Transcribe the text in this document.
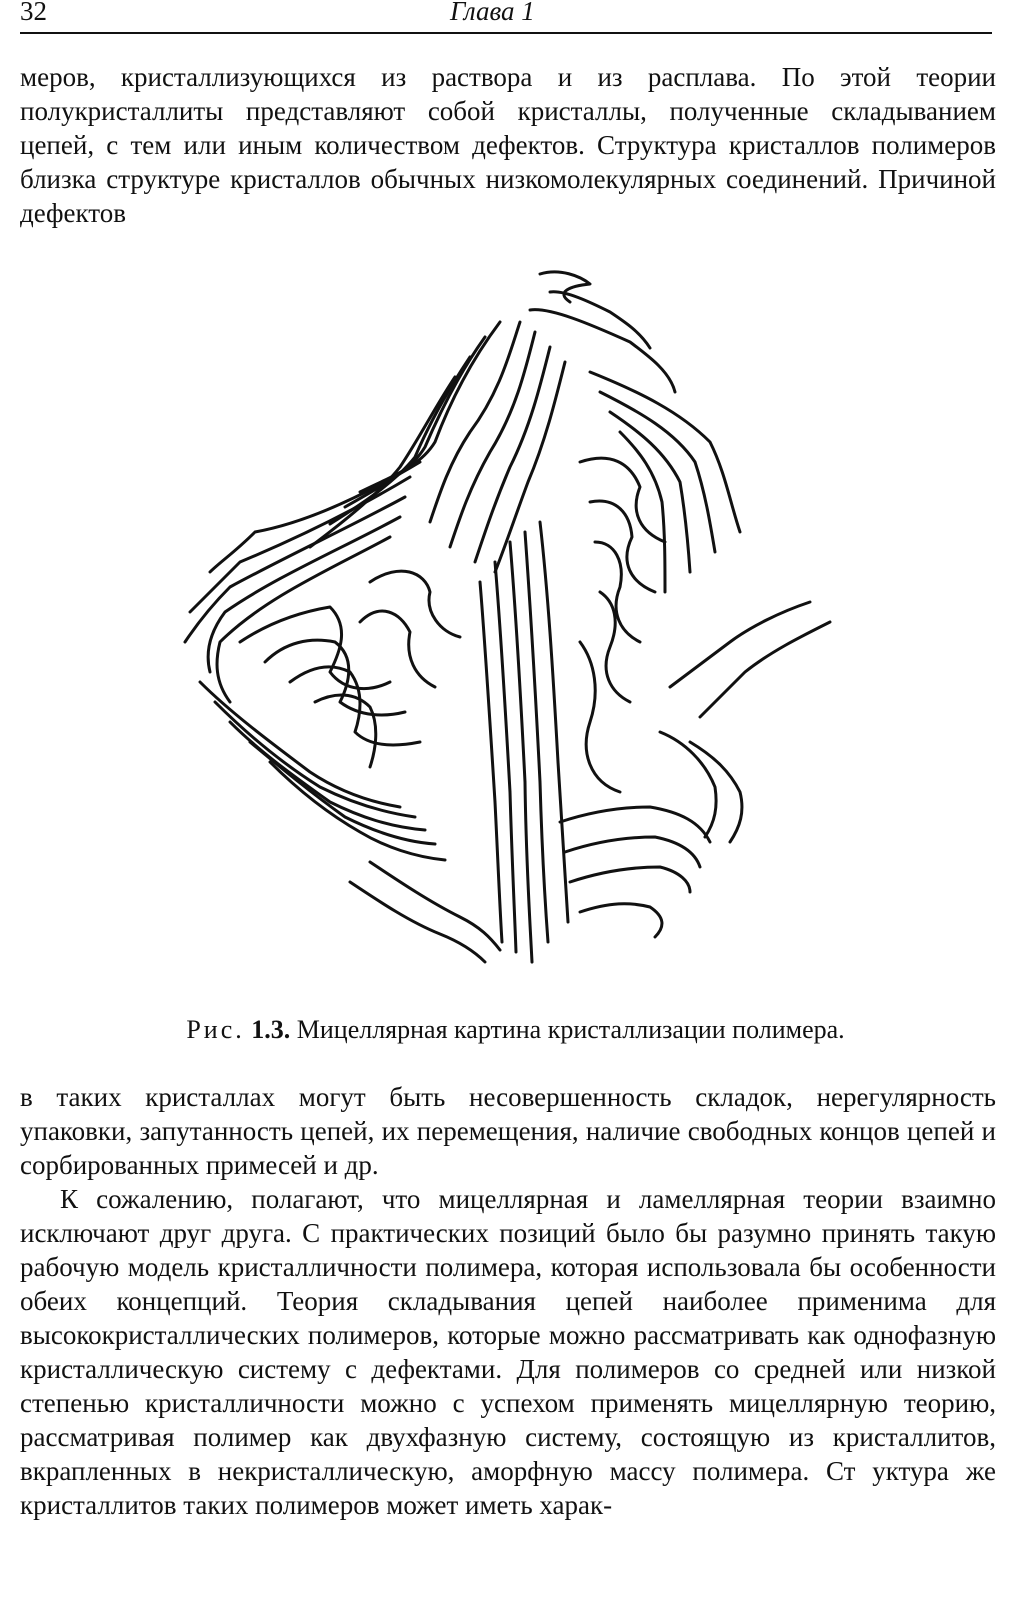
32	Глава 1

меров, кристаллизующихся из раствора и из расплава. По этой теории полукристаллиты представляют собой кристаллы, полученные складыванием цепей, с тем или иным количеством дефектов. Структура кристаллов полимеров близка структуре кристаллов обычных низкомолекулярных соединений. Причиной дефектов

Рис. 1.3. Мицеллярная картина кристаллизации полимера.

в таких кристаллах могут быть несовершенность складок, нерегулярность упаковки, запутанность цепей, их перемещения, наличие свободных концов цепей и сорбированных примесей и др.

К сожалению, полагают, что мицеллярная и ламеллярная теории взаимно исключают друг друга. С практических позиций было бы разумно принять такую рабочую модель кристалличности полимера, которая использовала бы особенности обеих концепций. Теория складывания цепей наиболее применима для высококристаллических полимеров, которые можно рассматривать как однофазную кристаллическую систему с дефектами. Для полимеров со средней или низкой степенью кристалличности можно с успехом применять мицеллярную теорию, рассматривая полимер как двухфазную систему, состоящую из кристаллитов, вкрапленных в некристаллическую, аморфную массу полимера. Ст уктура же кристаллитов таких полимеров может иметь харак-
